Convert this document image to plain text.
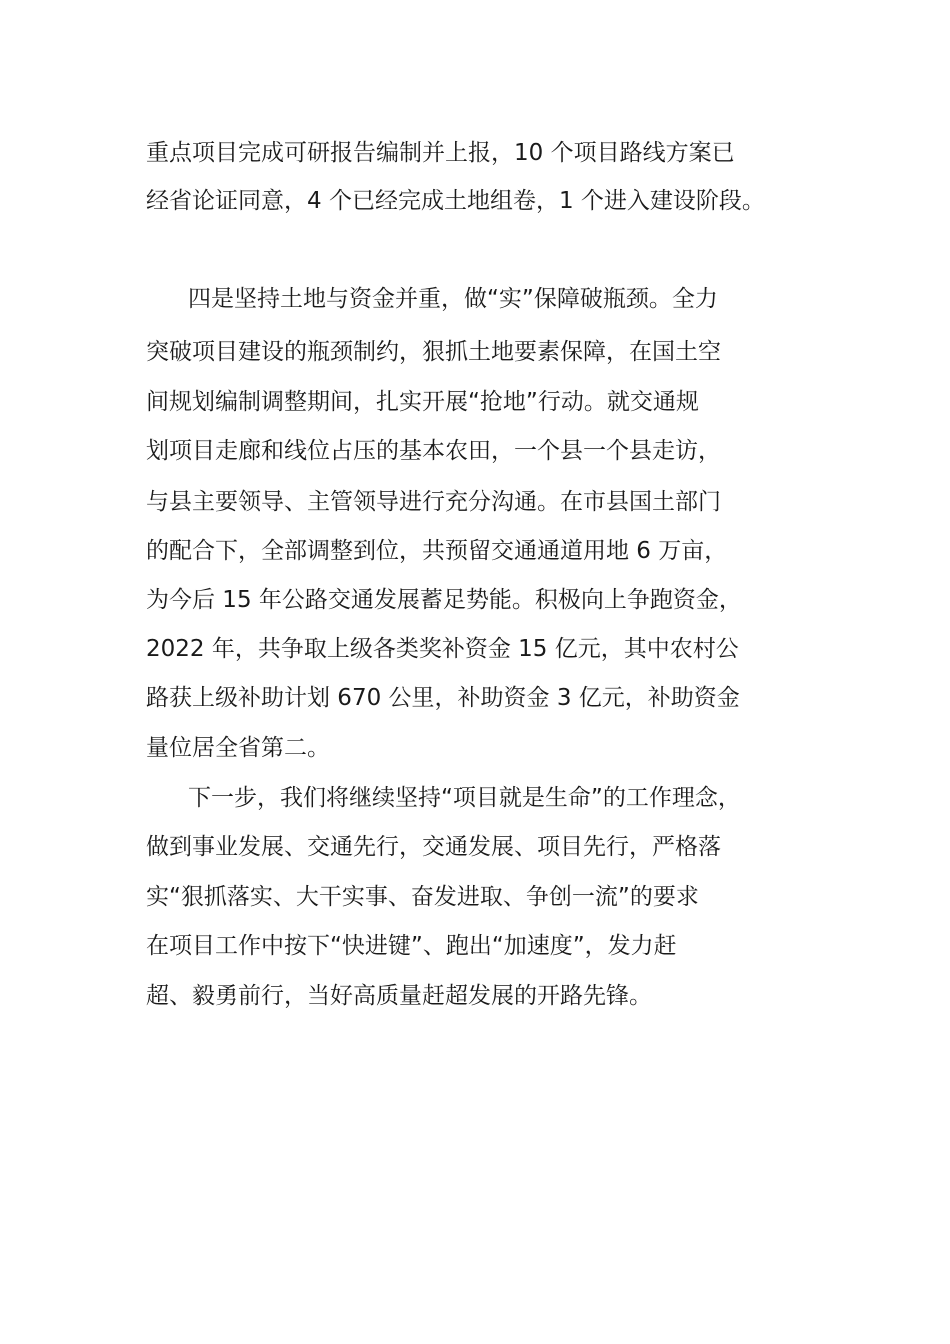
重点项目完成可研报告编制并上报，10 个项目路线方案已

经省论证同意，4 个已经完成土地组卷，1 个进入建设阶段。

四是坚持土地与资金并重，做“实”保障破瓶颈。全力

突破项目建设的瓶颈制约，狠抓土地要素保障，在国土空

间规划编制调整期间，扎实开展“抢地”行动。就交通规

划项目走廊和线位占压的基本农田，一个县一个县走访，

与县主要领导、主管领导进行充分沟通。在市县国土部门

的配合下，全部调整到位，共预留交通通道用地 6 万亩，

为今后 15 年公路交通发展蓄足势能。积极向上争跑资金，

2022 年，共争取上级各类奖补资金 15 亿元，其中农村公

路获上级补助计划 670 公里，补助资金 3 亿元，补助资金

量位居全省第二。

下一步，我们将继续坚持“项目就是生命”的工作理念，

做到事业发展、交通先行，交通发展、项目先行，严格落

实“狠抓落实、大干实事、奋发进取、争创一流”的要求

在项目工作中按下“快进键”、跑出“加速度”，发力赶

超、毅勇前行，当好高质量赶超发展的开路先锋。
